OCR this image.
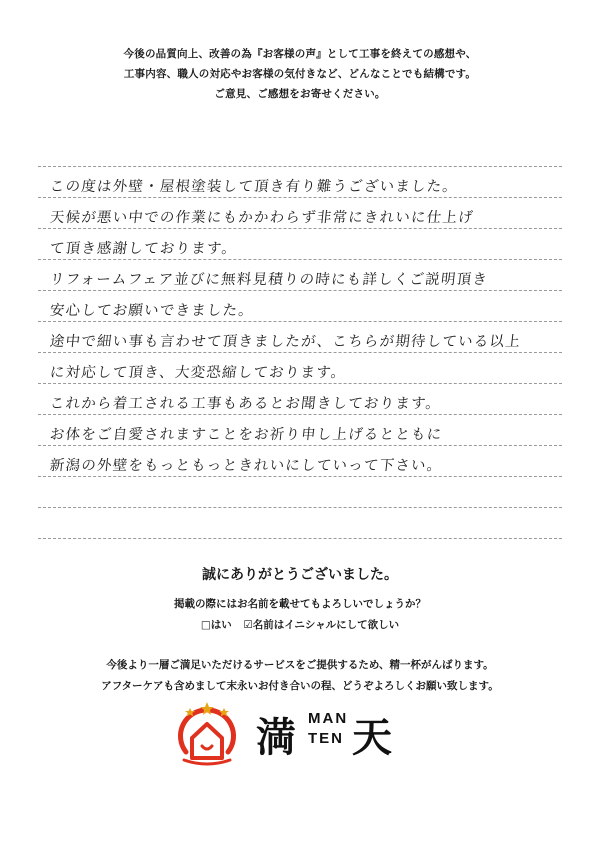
今後の品質向上、改善の為『お客様の声』として工事を終えての感想や、
工事内容、職人の対応やお客様の気付きなど、どんなことでも結構です。
ご意見、ご感想をお寄せください。
この度は外壁・屋根塗装して頂き有り難うございました。
天候が悪い中での作業にもかかわらず非常にきれいに仕上げ
て頂き感謝しております。
リフォームフェア並びに無料見積りの時にも詳しくご説明頂き
安心してお願いできました。
途中で細い事も言わせて頂きましたが、こちらが期待している以上
に対応して頂き、大変恐縮しております。
これから着工される工事もあるとお聞きしております。
お体をご自愛されますことをお祈り申し上げるとともに
新潟の外壁をもっともっときれいにしていって下さい。
誠にありがとうございました。
掲載の際にはお名前を載せてもよろしいでしょうか？
□はい ☑名前はイニシャルにして欲しい
今後より一層ご満足いただけるサービスをご提供するため、精一杯がんばります。
アフターケアも含めまして末永いお付き合いの程、どうぞよろしくお願い致します。
満 MAN
TEN 天
